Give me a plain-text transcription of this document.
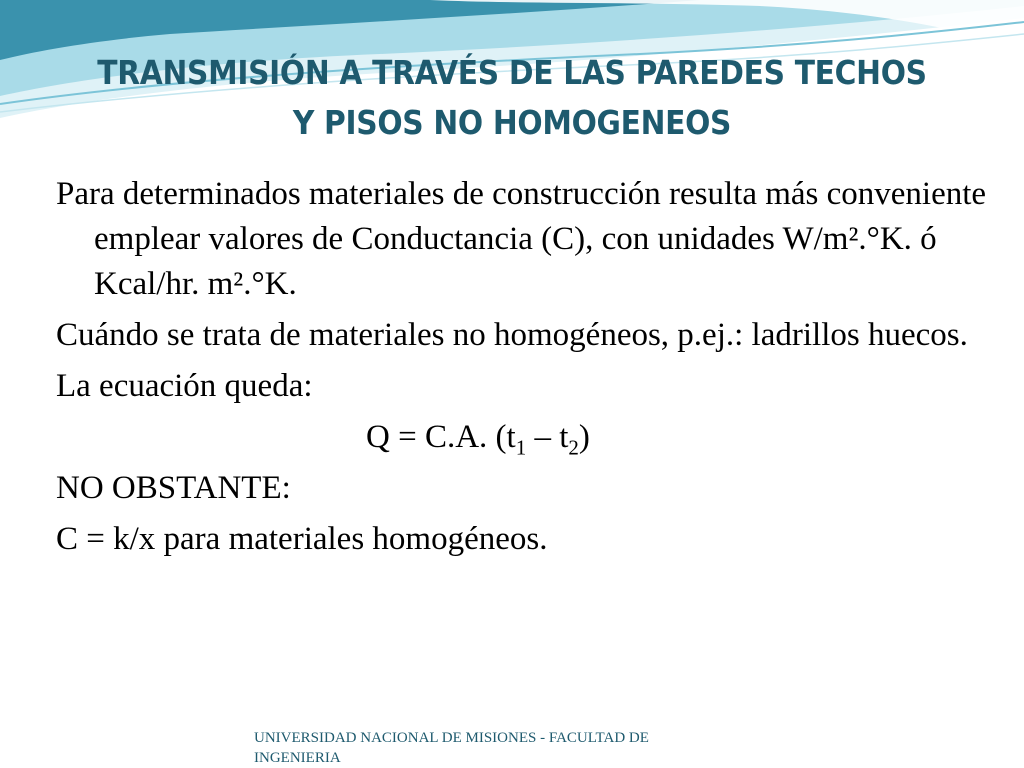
TRANSMISIÓN A TRAVÉS DE LAS PAREDES TECHOS
Y PISOS NO HOMOGENEOS

Para determinados materiales de construcción resulta más conveniente emplear valores de Conductancia (C), con unidades W/m².°K. ó Kcal/hr. m².°K.

Cuándo se trata de materiales no homogéneos, p.ej.: ladrillos huecos.

La ecuación queda:

Q = C.A. $(t_1 - t_2)$

NO OBSTANTE:

C = k/x para materiales homogéneos.

UNIVERSIDAD NACIONAL DE MISIONES - FACULTAD DE INGENIERIA
